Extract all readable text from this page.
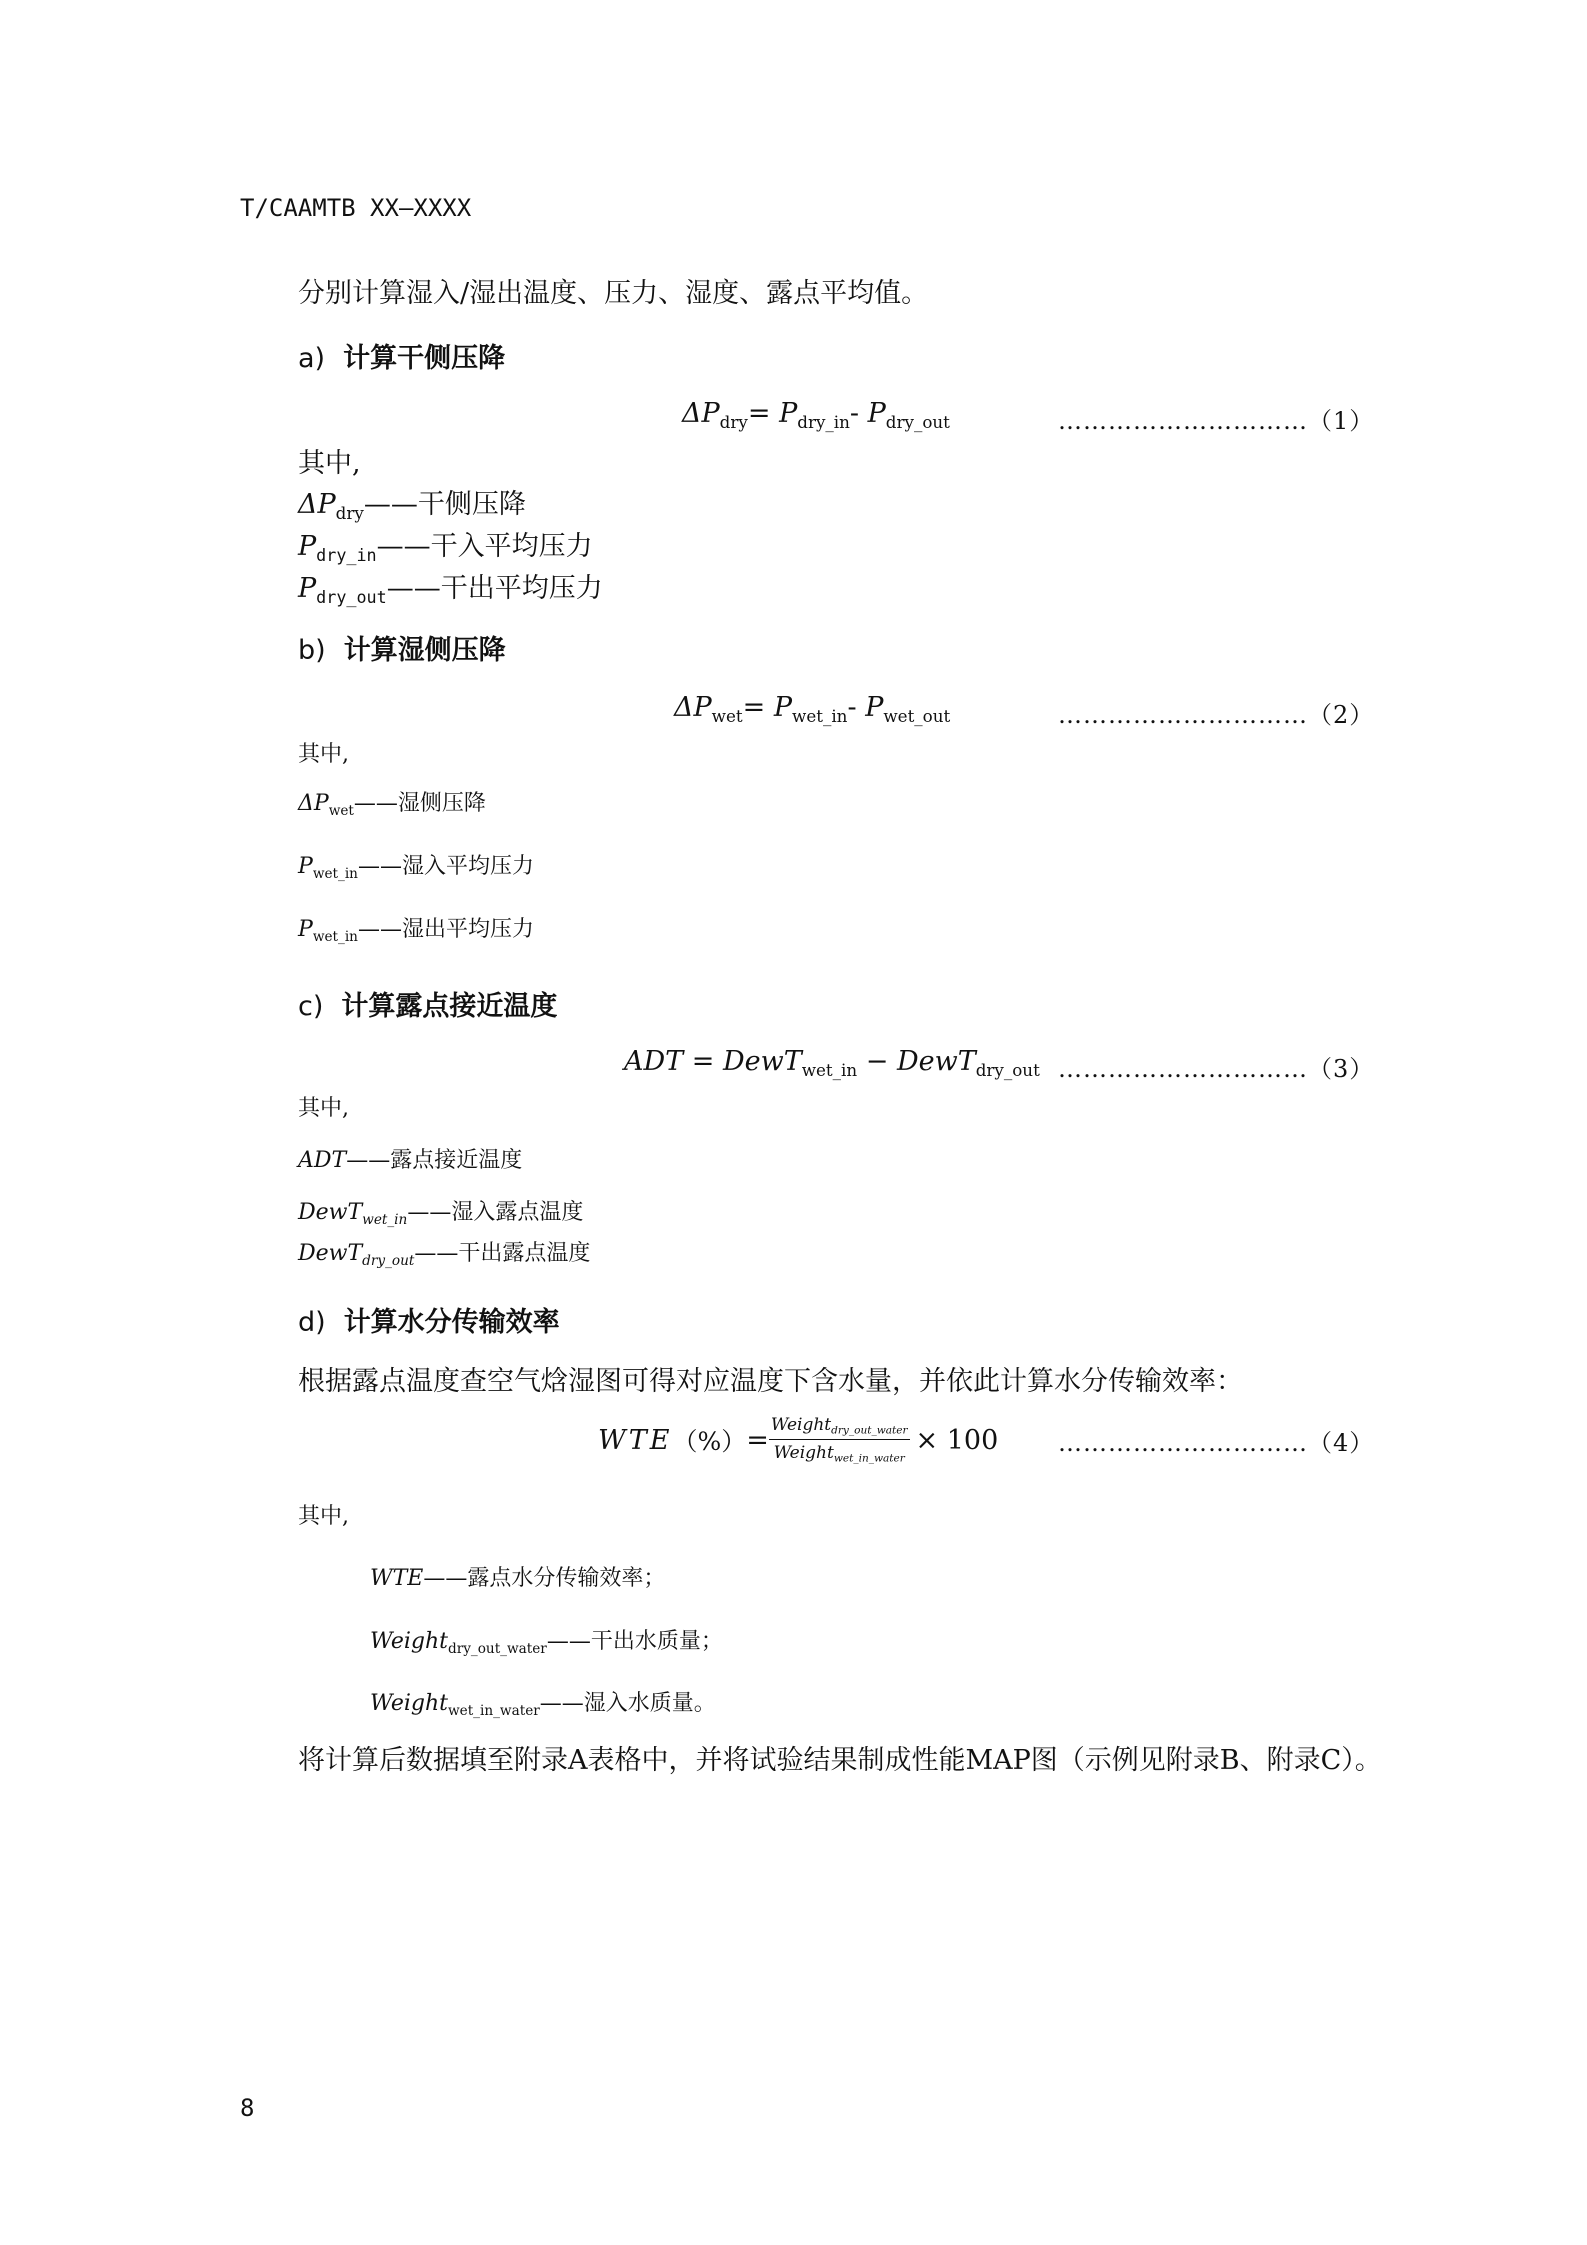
T/CAAMTB XX—XXXX
分别计算湿入/湿出温度、压力、湿度、露点平均值。
a) 计算干侧压降
$\Delta P_{dry}= P_{dry\_in}-$ $P_{dry\_out}$	…………………………（1）
其中,
$\Delta P_{dry}——$干侧压降
$P_{dry\_in}——$干入平均压力
$P_{dry\_out}——$干出平均压力
b) 计算湿侧压降
$\Delta P_{wet}= P_{wet\_in}-$ $P_{wet\_out}$	…………………………（2）
其中,
$\Delta P_{wet}——$湿侧压降
$P_{wet\_in}——$湿入平均压力
$P_{wet\_in}——$湿出平均压力
c) 计算露点接近温度
ADT = DewT$_{wet\_in}$ − DewT$_{dry\_out}$ …………………………（3）
其中,
ADT——露点接近温度
DewT$_{wet\_in}$——湿入露点温度
DewT$_{dry\_out}$——干出露点温度
d) 计算水分传输效率
根据露点温度查空气焓湿图可得对应温度下含水量，并依此计算水分传输效率：
WTE （%） = $\frac{Weight_{dry\_out\_water}}{Weight_{wet\_in\_water}} \times 100$ …………………………（4）
其中,
WTE——露点水分传输效率；
Weight$_{dry\_out\_water}$——干出水质量；
Weight$_{wet\_in\_water}$——湿入水质量。
将计算后数据填至附录A表格中，并将试验结果制成性能MAP图（示例见附录B、附录C）。
8
